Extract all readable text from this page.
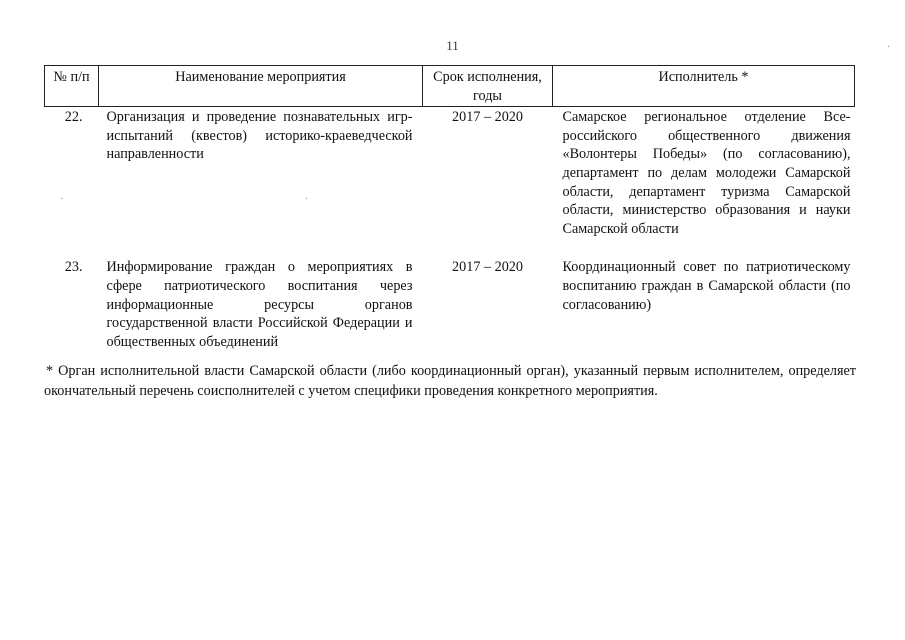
11
№ п/п	Наименование мероприятия	Срок исполнения, годы	Исполнитель *
22.	Организация и проведение познавательных игр-испытаний (квестов) историко-краеведческой направленности	2017 – 2020	Самарское региональное отделение Все-российского общественного движения «Волонтеры Победы» (по согласованию), департамент по делам молодежи Самарской области, департамент туризма Самарской области, министерство образования и науки Самарской области
23.	Информирование граждан о мероприятиях в сфере патриотического воспитания через информационные ресурсы органов государственной власти Российской Федерации и общественных объединений	2017 – 2020	Координационный совет по патриотическому воспитанию граждан в Самарской области (по согласованию)
* Орган исполнительной власти Самарской области (либо координационный орган), указанный первым исполнителем, определяет окончательный перечень соисполнителей с учетом специфики проведения конкретного мероприятия.
·
·	·
